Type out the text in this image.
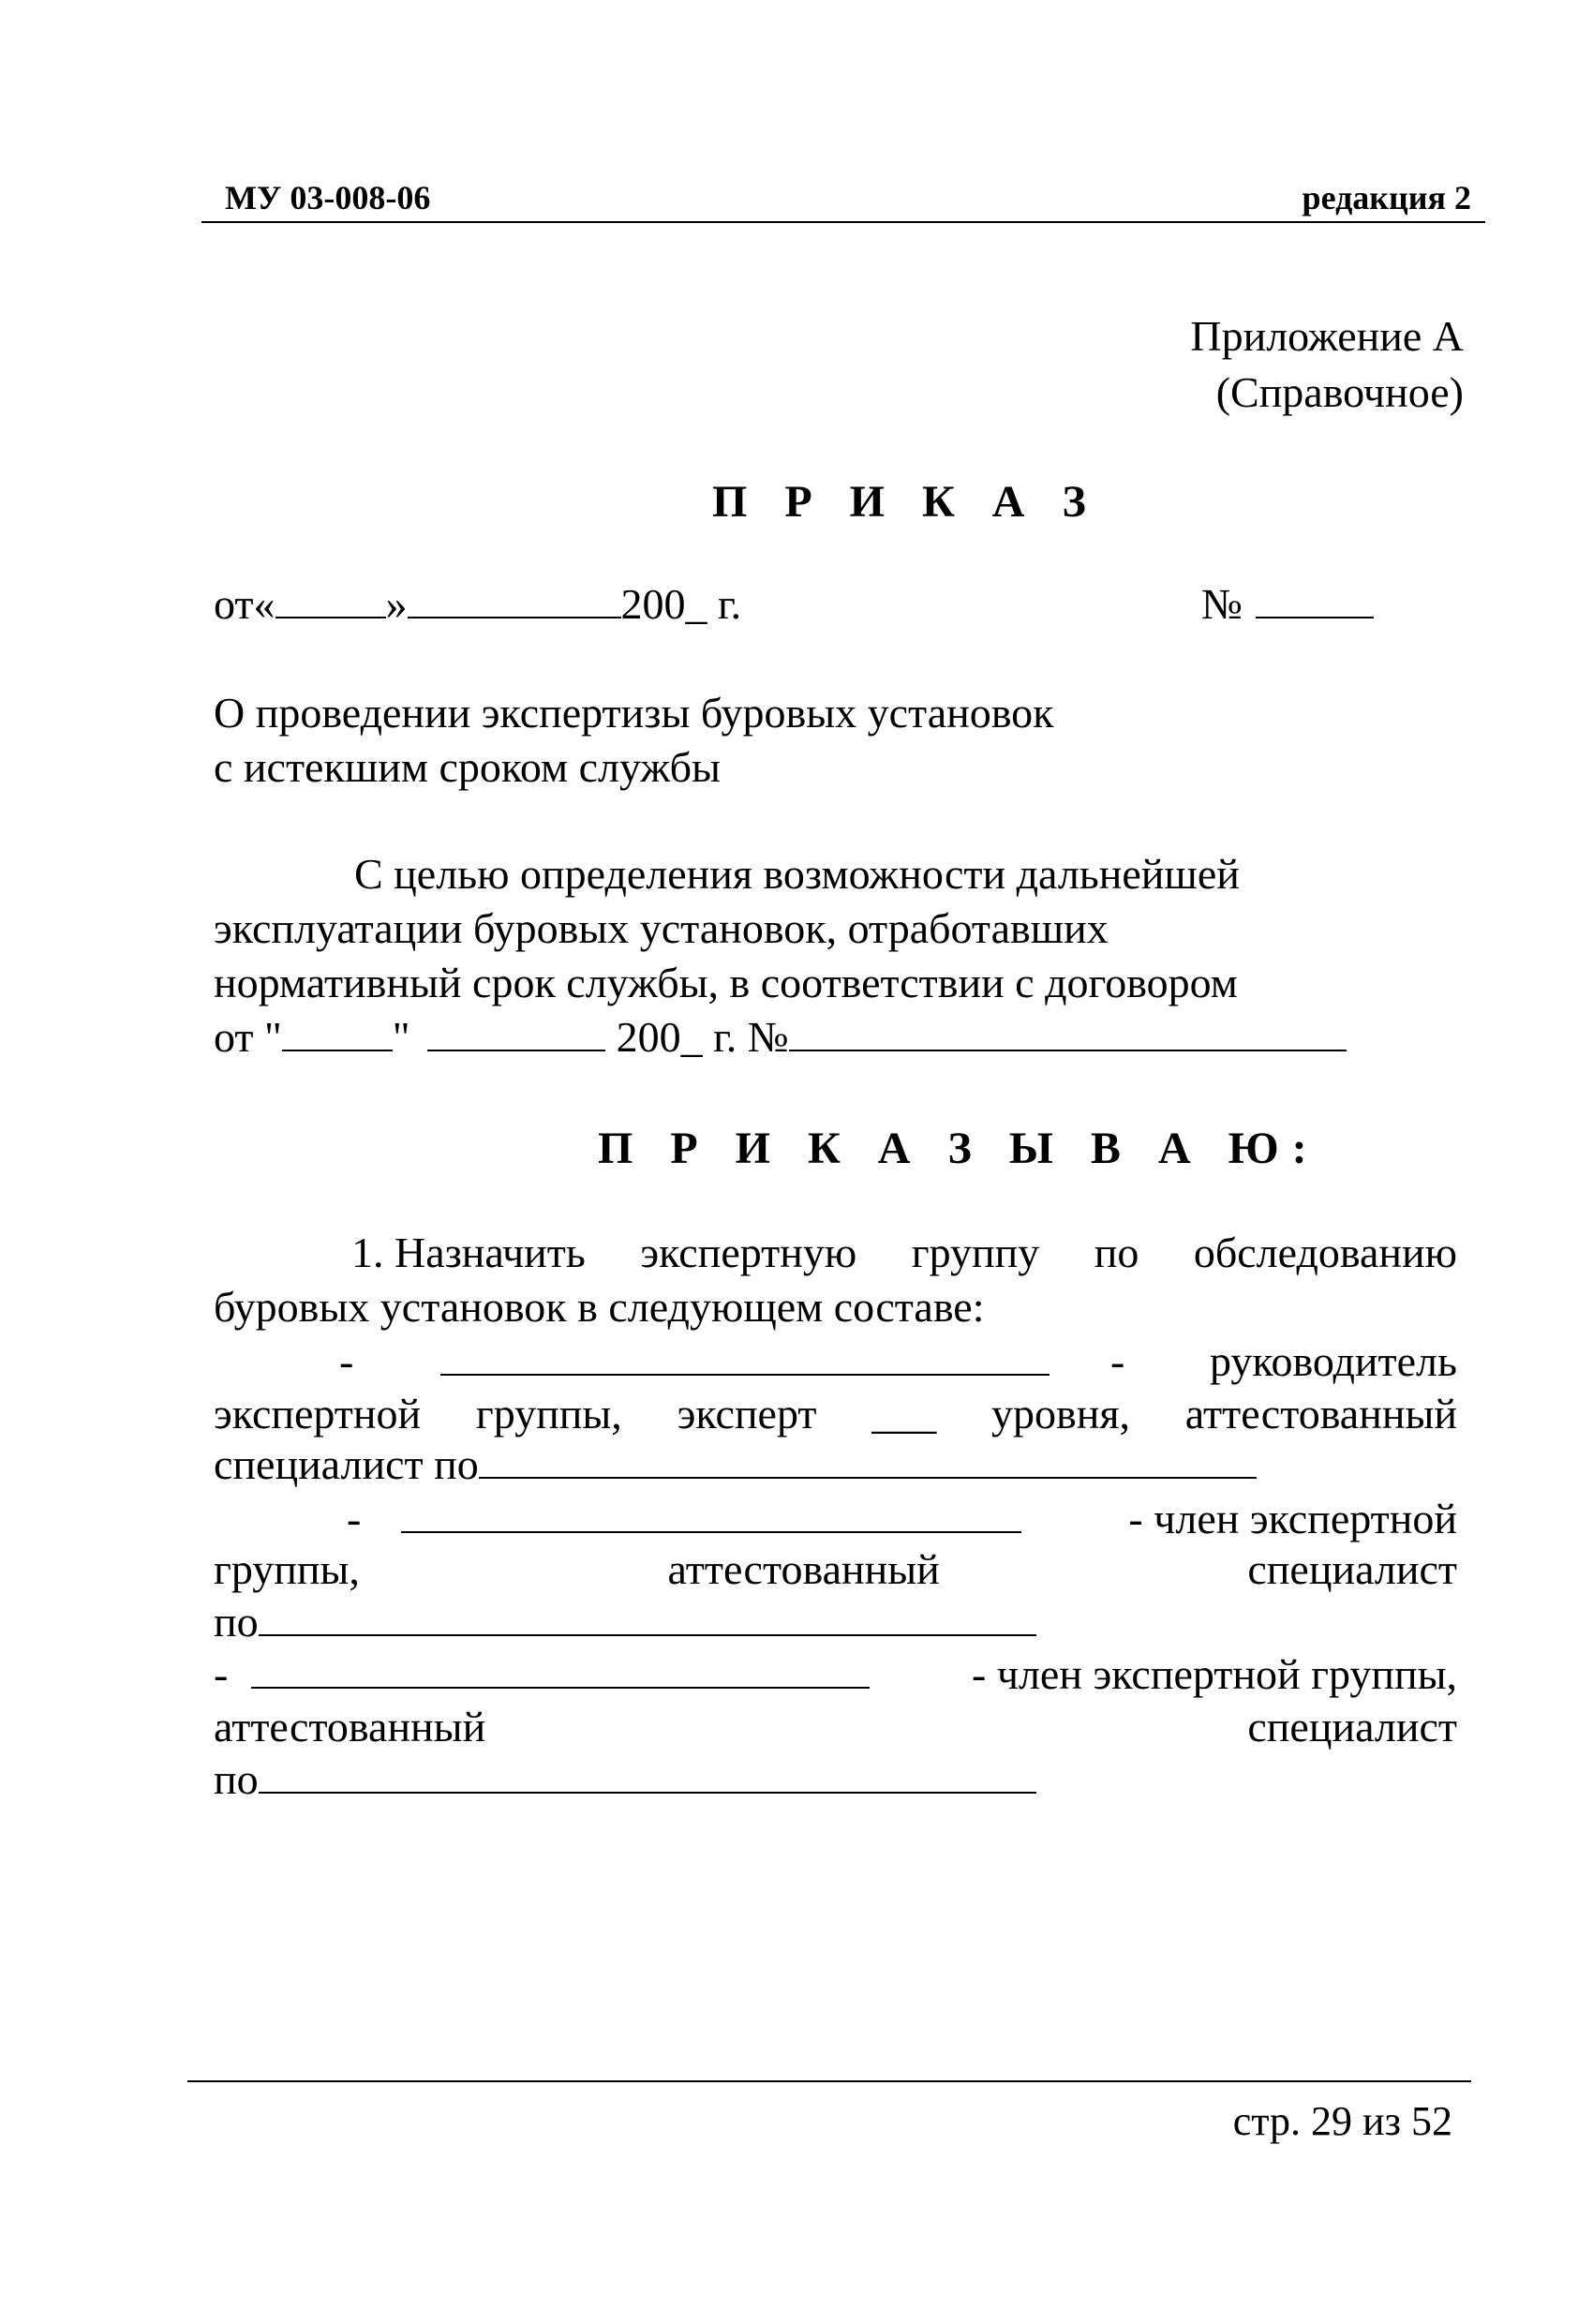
МУ 03-008-06	редакция 2
Приложение А
(Справочное)
П Р И К А З
от«	»	200_ г.	№
О проведении экспертизы буровых установок
с истекшим сроком службы
С целью определения возможности дальнейшей
эксплуатации буровых установок, отработавших
нормативный срок службы, в соответствии с договором
от "	"	200_ г. №
П Р И К А З Ы В А Ю:
1. Назначить экспертную группу по обследованию
буровых установок в следующем составе:
-	- руководитель
экспертной группы, эксперт ___ уровня, аттестованный
специалист по
-	- член экспертной
группы,	аттестованный	специалист
по
-	- член экспертной группы,
аттестованный	специалист
по
стр. 29 из 52
